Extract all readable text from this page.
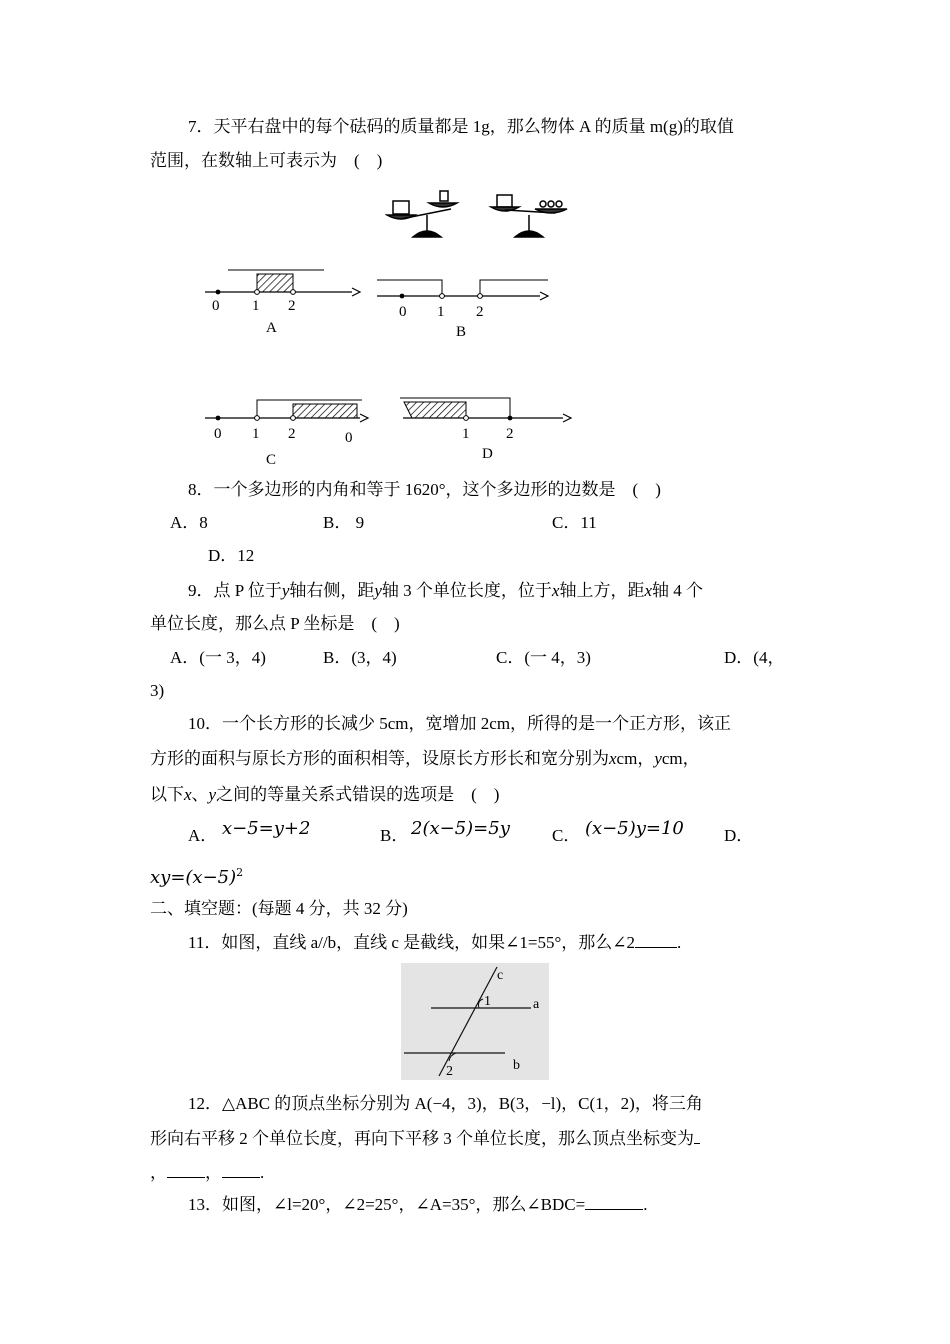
7．天平右盘中的每个砝码的质量都是 1g，那么物体 A 的质量 m(g)的取值
范围，在数轴上可表示为　(　)
0 1 2
A
0 1 2
B
0 1 2	0
C
1 2
D
8．一个多边形的内角和等于 1620°，这个多边形的边数是　(　)
A．8	B． 9	C．11
D．12
9．点 P 位于y轴右侧，距y轴 3 个单位长度，位于x轴上方，距x轴 4 个
单位长度，那么点 P 坐标是　(　)
A．(一 3，4)	B．(3，4)	C．(一 4，3)	D．(4，
3)
10．一个长方形的长减少 5cm，宽增加 2cm，所得的是一个正方形，该正
方形的面积与原长方形的面积相等，设原长方形长和宽分别为xcm，ycm，
以下x、y之间的等量关系式错误的选项是　(　)
A． x−5=y+2	B． 2(x−5)=5y C． (x−5)y=10 D．
$xy=(x-5)^2$
二、填空题：(每题 4 分，共 32 分)
11．如图，直线 a//b，直线 c 是截线，如果∠1=55°，那么∠2 .
c
1	a
2	b
12．△ABC 的顶点坐标分别为 A(−4，3)，B(3，−l)，C(1，2)，将三角
形向右平移 2 个单位长度，再向下平移 3 个单位长度，那么顶点坐标变为
， ， .
13．如图，∠l=20°，∠2=25°，∠A=35°，那么∠BDC=	.
